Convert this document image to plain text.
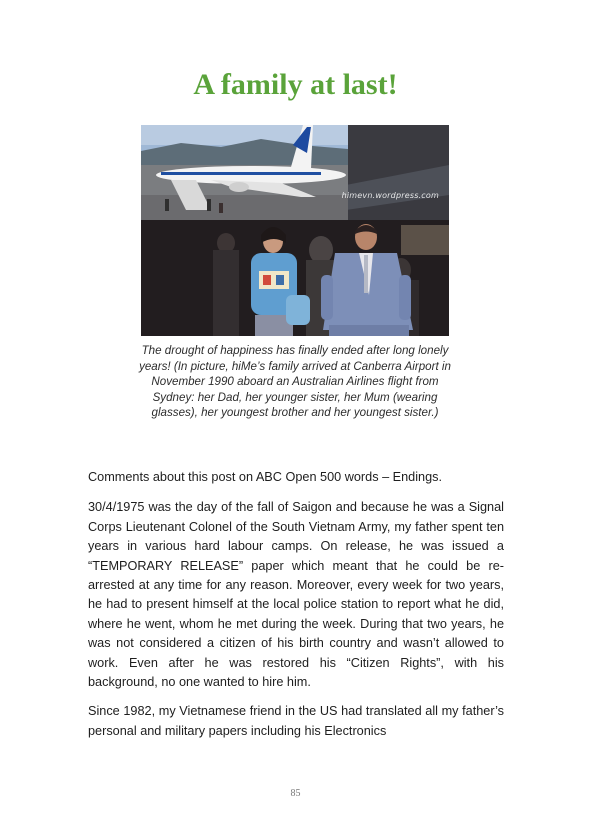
A family at last!
himevn.wordpress.com

The drought of happiness has finally ended after long lonely years! (In picture, hiMe’s family arrived at Canberra Airport in November 1990 aboard an Australian Airlines flight from Sydney: her Dad, her younger sister, her Mum (wearing glasses), her youngest brother and her youngest sister.)

Comments about this post on ABC Open 500 words – Endings.

30/4/1975 was the day of the fall of Saigon and because he was a Signal Corps Lieutenant Colonel of the South Vietnam Army, my father spent ten years in various hard labour camps. On release, he was issued a “TEMPORARY RELEASE” paper which meant that he could be re-arrested at any time for any reason. Moreover, every week for two years, he had to present himself at the local police station to report what he did, where he went, whom he met during the week. During that two years, he was not considered a citizen of his birth country and wasn’t allowed to work. Even after he was restored his “Citizen Rights”, with his background, no one wanted to hire him.

Since 1982, my Vietnamese friend in the US had translated all my father’s personal and military papers including his Electronics

85
